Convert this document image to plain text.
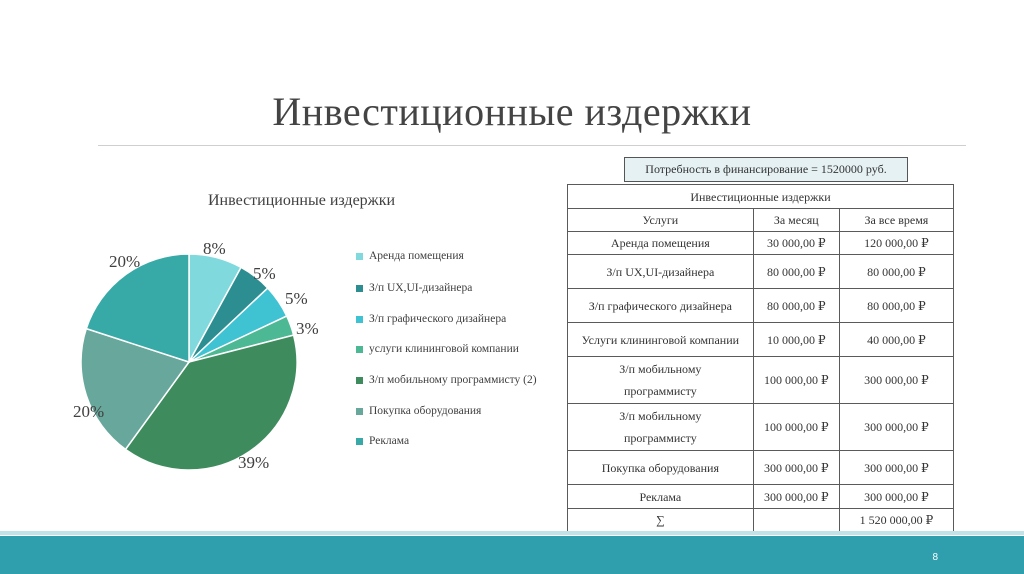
Инвестиционные издержки
Инвестиционные издержки
8%
5%
5%
3%
39%
20%
20%	Аренда помещения
З/п UX,UI-дизайнера
З/п графического дизайнера
услуги клининговой компании
З/п мобильному программисту (2)
Покупка оборудования
Реклама
Потребность в финансирование = 1520000 руб.
Инвестиционные издержки		
Услуги	За месяц	За все время
Аренда помещения	30 000,00 ₽	120 000,00 ₽
З/п UX,UI-дизайнера	80 000,00 ₽	80 000,00 ₽
З/п графического дизайнера	80 000,00 ₽	80 000,00 ₽
Услуги клининговой компании	10 000,00 ₽	40 000,00 ₽
З/п мобильному программисту	100 000,00 ₽	300 000,00 ₽
З/п мобильному программисту	100 000,00 ₽	300 000,00 ₽
Покупка оборудования	300 000,00 ₽	300 000,00 ₽
Реклама	300 000,00 ₽	300 000,00 ₽
∑		1 520 000,00 ₽
8
